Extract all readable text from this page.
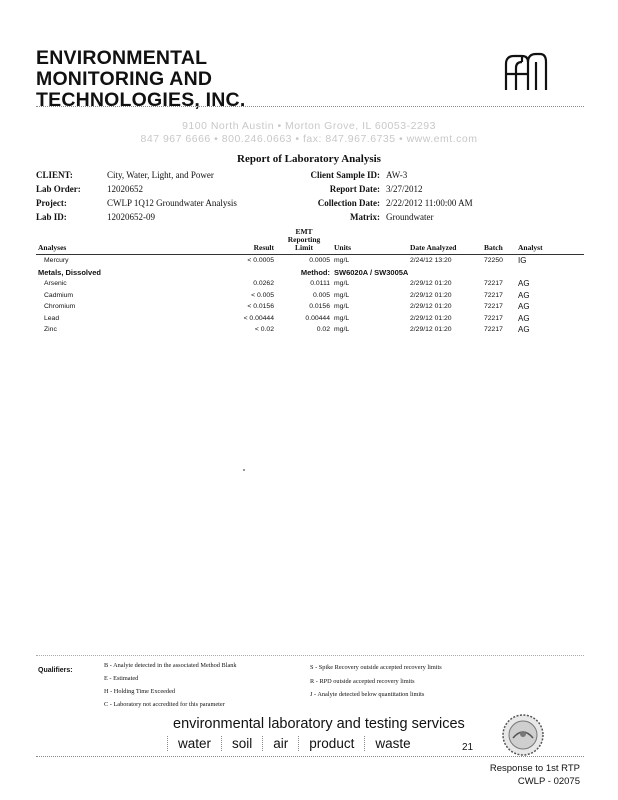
ENVIRONMENTAL
MONITORING AND
TECHNOLOGIES, INC.
9100 North Austin • Morton Grove, IL 60053-2293
847 967 6666 • 800.246.0663 • fax: 847.967.6735 • www.emt.com
Report of Laboratory Analysis
CLIENT:	City, Water, Light, and Power
Lab Order:	12020652
Project:	CWLP 1Q12 Groundwater Analysis
Lab ID:	12020652-09
Client Sample ID: AW-3
Report Date: 3/27/2012
Collection Date: 2/22/2012 11:00:00 AM
Matrix: Groundwater
Analyses	Result	EMT
Reporting
Limit	Units	Date Analyzed	Batch	Analyst
Mercury	< 0.0005	0.0005	mg/L	2/24/12 13:20	72250	IG
Metals, Dissolved		Method:	SW6020A / SW3005A			
Arsenic	0.0262	0.0111	mg/L	2/29/12 01:20	72217	AG
Cadmium	< 0.005	0.005	mg/L	2/29/12 01:20	72217	AG
Chromium	< 0.0156	0.0156	mg/L	2/29/12 01:20	72217	AG
Lead	< 0.00444	0.00444	mg/L	2/29/12 01:20	72217	AG
Zinc	< 0.02	0.02	mg/L	2/29/12 01:20	72217	AG
Qualifiers:
B - Analyte detected in the associated Method Blank
E - Estimated
H - Holding Time Exceeded
C - Laboratory not accredited for this parameter
S - Spike Recovery outside accepted recovery limits
R - RPD outside accepted recovery limits
J - Analyte detected below quantitation limits
environmental laboratory and testing services
water soil air product waste	21
Response to 1st RTP
CWLP - 02075
